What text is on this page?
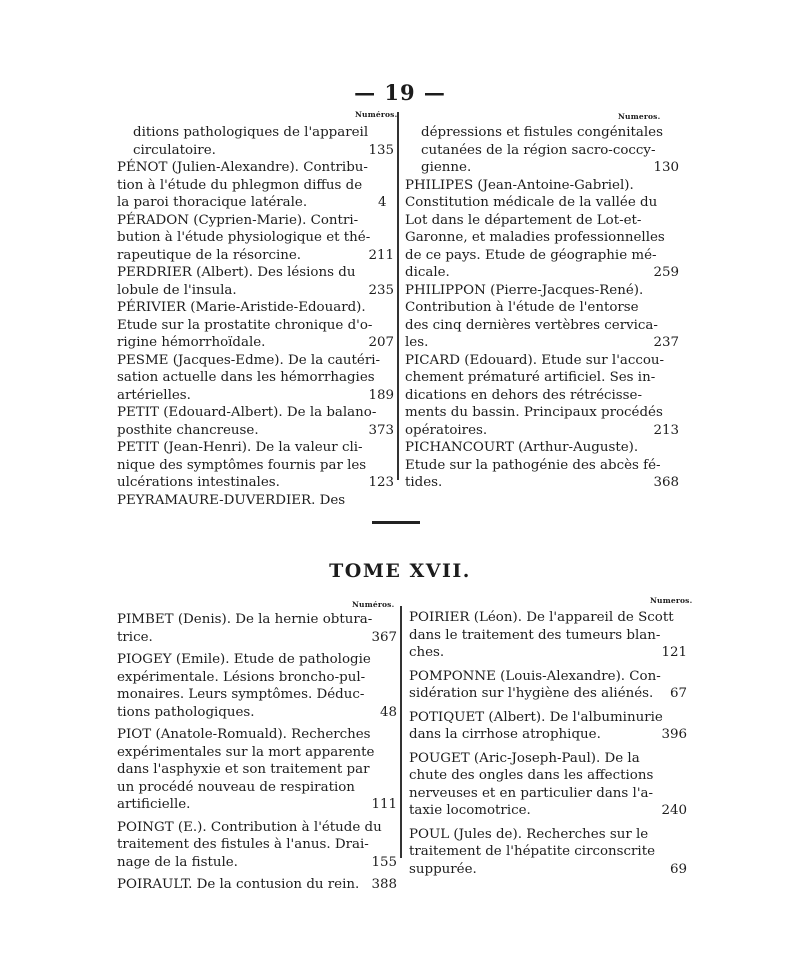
— 19 —
Numéros.	Numeros.
ditions pathologiques de l'appareil
circulatoire.	135
PÉNOT (Julien-Alexandre). Contribu-
tion à l'étude du phlegmon diffus de
la paroi thoracique latérale.	4
PÉRADON (Cyprien-Marie). Contri-
bution à l'étude physiologique et thé-
rapeutique de la résorcine.	211
PERDRIER (Albert). Des lésions du
lobule de l'insula.	235
PÉRIVIER (Marie-Aristide-Edouard).
Etude sur la prostatite chronique d'o-
rigine hémorrhoïdale.	207
PESME (Jacques-Edme). De la cautéri-
sation actuelle dans les hémorrhagies
artérielles.	189
PETIT (Edouard-Albert). De la balano-
posthite chancreuse.	373
PETIT (Jean-Henri). De la valeur cli-
nique des symptômes fournis par les
ulcérations intestinales.	123
PEYRAMAURE-DUVERDIER. Des
dépressions et fistules congénitales
cutanées de la région sacro-coccy-
gienne.	130
PHILIPES (Jean-Antoine-Gabriel).
Constitution médicale de la vallée du
Lot dans le département de Lot-et-
Garonne, et maladies professionnelles
de ce pays. Etude de géographie mé-
dicale.	259
PHILIPPON (Pierre-Jacques-René).
Contribution à l'étude de l'entorse
des cinq dernières vertèbres cervica-
les.	237
PICARD (Edouard). Etude sur l'accou-
chement prématuré artificiel. Ses in-
dications en dehors des rétrécisse-
ments du bassin. Principaux procédés
opératoires.	213
PICHANCOURT (Arthur-Auguste).
Etude sur la pathogénie des abcès fé-
tides.	368
TOME XVII.
Numéros.	Numeros.
PIMBET (Denis). De la hernie obtura-
trice.	367
PIOGEY (Emile). Etude de pathologie
expérimentale. Lésions broncho-pul-
monaires. Leurs symptômes. Déduc-
tions pathologiques.	48
PIOT (Anatole-Romuald). Recherches
expérimentales sur la mort apparente
dans l'asphyxie et son traitement par
un procédé nouveau de respiration
artificielle.	111
POINGT (E.). Contribution à l'étude du
traitement des fistules à l'anus. Drai-
nage de la fistule.	155
POIRAULT. De la contusion du rein. 388
POIRIER (Léon). De l'appareil de Scott
dans le traitement des tumeurs blan-
ches.	121
POMPONNE (Louis-Alexandre). Con-
sidération sur l'hygiène des aliénés.	67
POTIQUET (Albert). De l'albuminurie
dans la cirrhose atrophique.	396
POUGET (Aric-Joseph-Paul). De la
chute des ongles dans les affections
nerveuses et en particulier dans l'a-
taxie locomotrice.	240
POUL (Jules de). Recherches sur le
traitement de l'hépatite circonscrite
suppurée.	69
